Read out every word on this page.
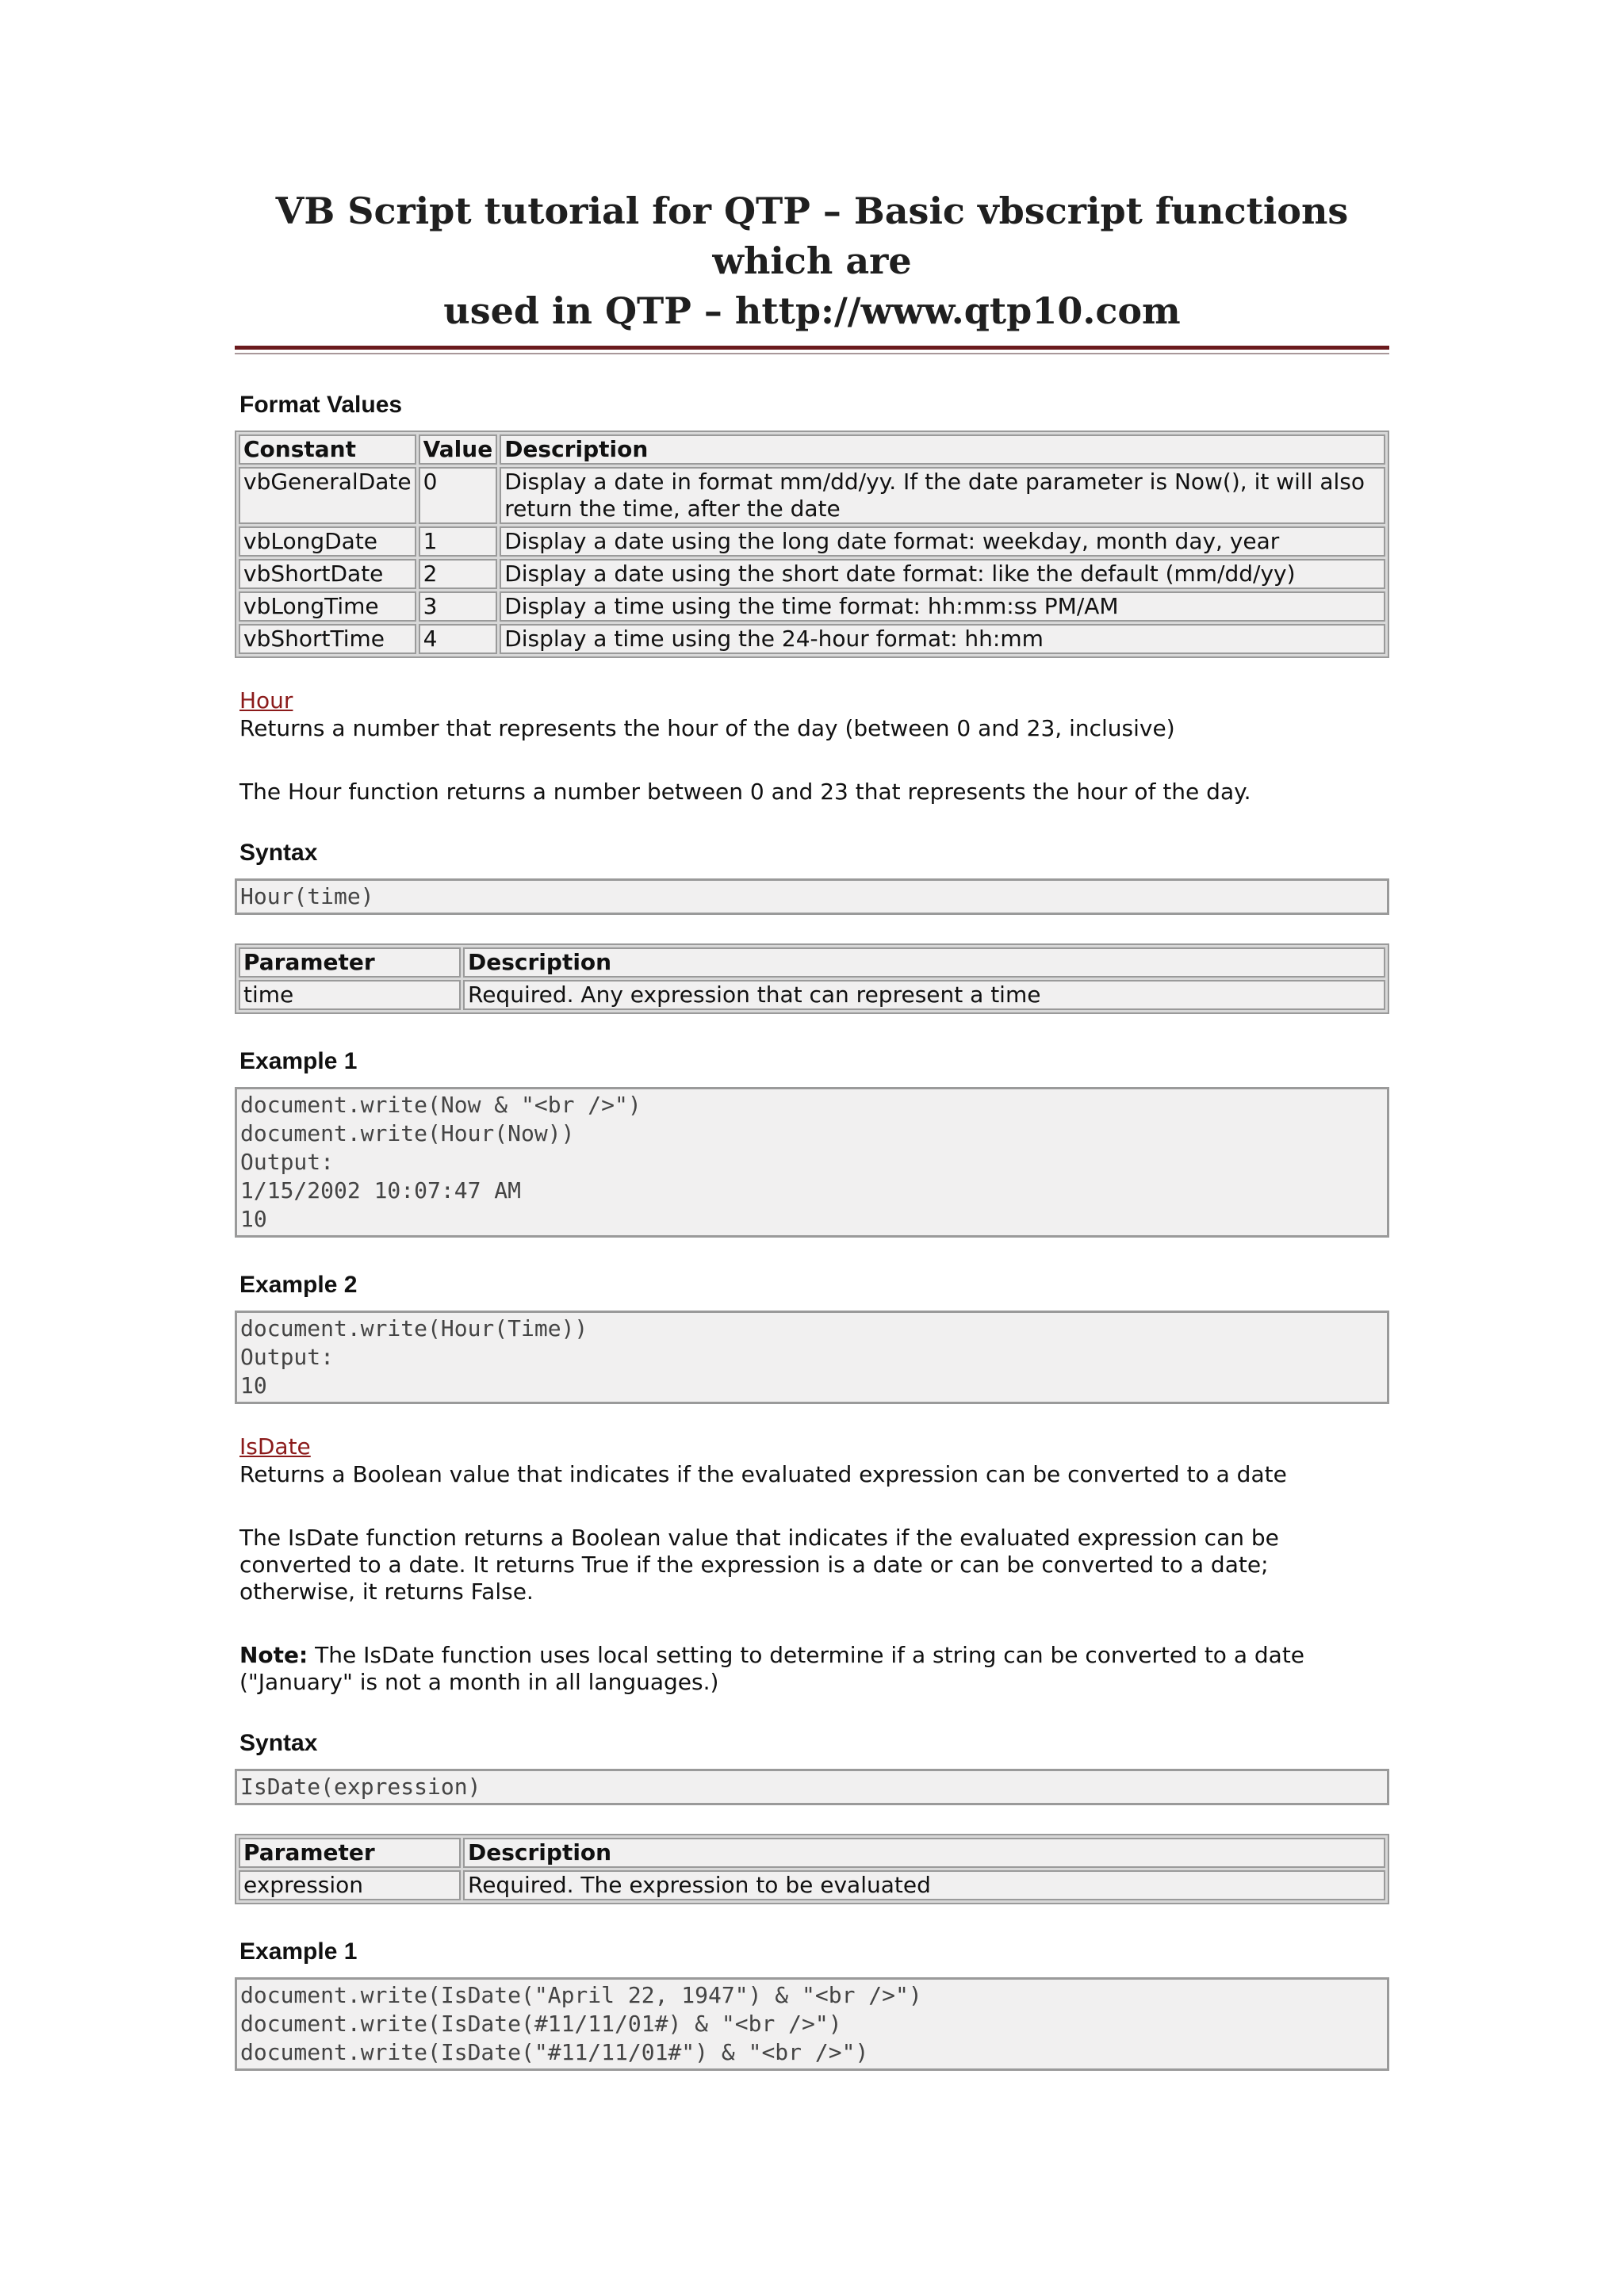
VB Script tutorial for QTP – Basic vbscript functions which are
used in QTP – http://www.qtp10.com
Format Values
Constant	Value	Description
vbGeneralDate	0	Display a date in format mm/dd/yy. If the date parameter is Now(), it will also return the time, after the date
vbLongDate	1	Display a date using the long date format: weekday, month day, year
vbShortDate	2	Display a date using the short date format: like the default (mm/dd/yy)
vbLongTime	3	Display a time using the time format: hh:mm:ss PM/AM
vbShortTime	4	Display a time using the 24-hour format: hh:mm
Hour

Returns a number that represents the hour of the day (between 0 and 23, inclusive)

The Hour function returns a number between 0 and 23 that represents the hour of the day.

Syntax
Hour(time)
Parameter	Description
time	Required. Any expression that can represent a time
Example 1
document.write(Now & "<br />")
document.write(Hour(Now))
Output:
1/15/2002 10:07:47 AM
10
Example 2
document.write(Hour(Time))
Output:
10
IsDate

Returns a Boolean value that indicates if the evaluated expression can be converted to a date

The IsDate function returns a Boolean value that indicates if the evaluated expression can be converted to a date. It returns True if the expression is a date or can be converted to a date; otherwise, it returns False.

Note: The IsDate function uses local setting to determine if a string can be converted to a date ("January" is not a month in all languages.)

Syntax
IsDate(expression)
Parameter	Description
expression	Required. The expression to be evaluated
Example 1
document.write(IsDate("April 22, 1947") & "<br />")
document.write(IsDate(#11/11/01#) & "<br />")
document.write(IsDate("#11/11/01#") & "<br />")
